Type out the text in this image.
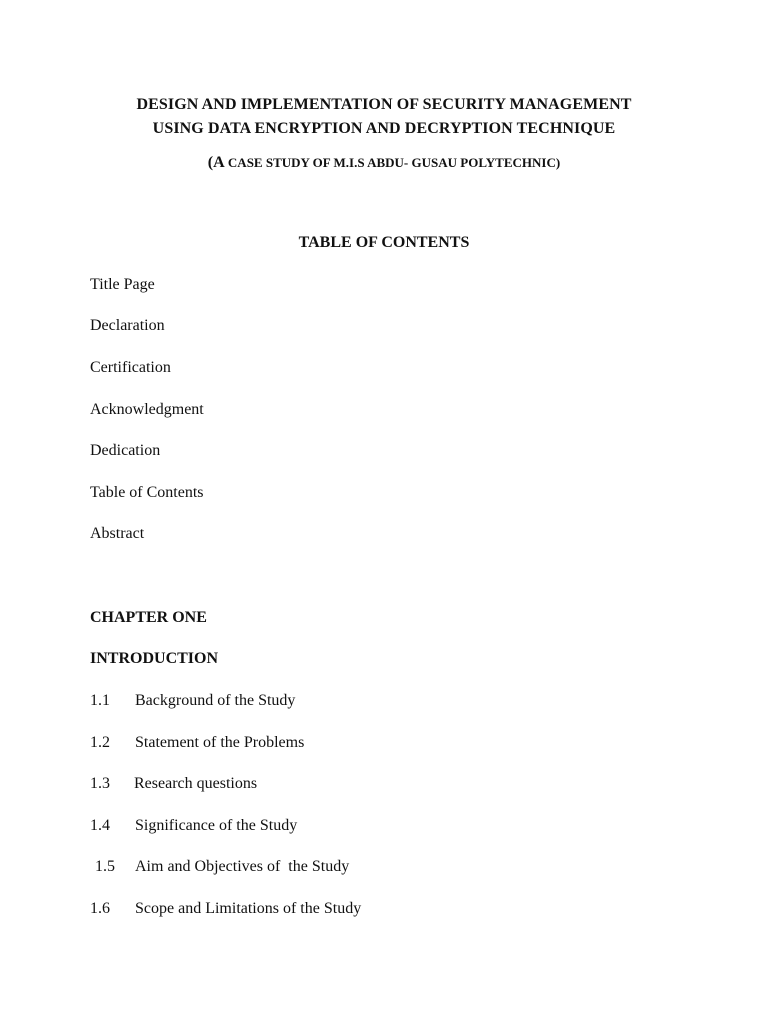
DESIGN AND IMPLEMENTATION OF SECURITY MANAGEMENT
USING DATA ENCRYPTION AND DECRYPTION TECHNIQUE
(A CASE STUDY OF M.I.S ABDU- GUSAU POLYTECHNIC)
TABLE OF CONTENTS
Title Page
Declaration
Certification
Acknowledgment
Dedication
Table of Contents
Abstract
CHAPTER ONE
INTRODUCTION
1.1 Background of the Study
1.2 Statement of the Problems
1.3 Research questions
1.4 Significance of the Study
1.5 Aim and Objectives of  the Study
1.6 Scope and Limitations of the Study
